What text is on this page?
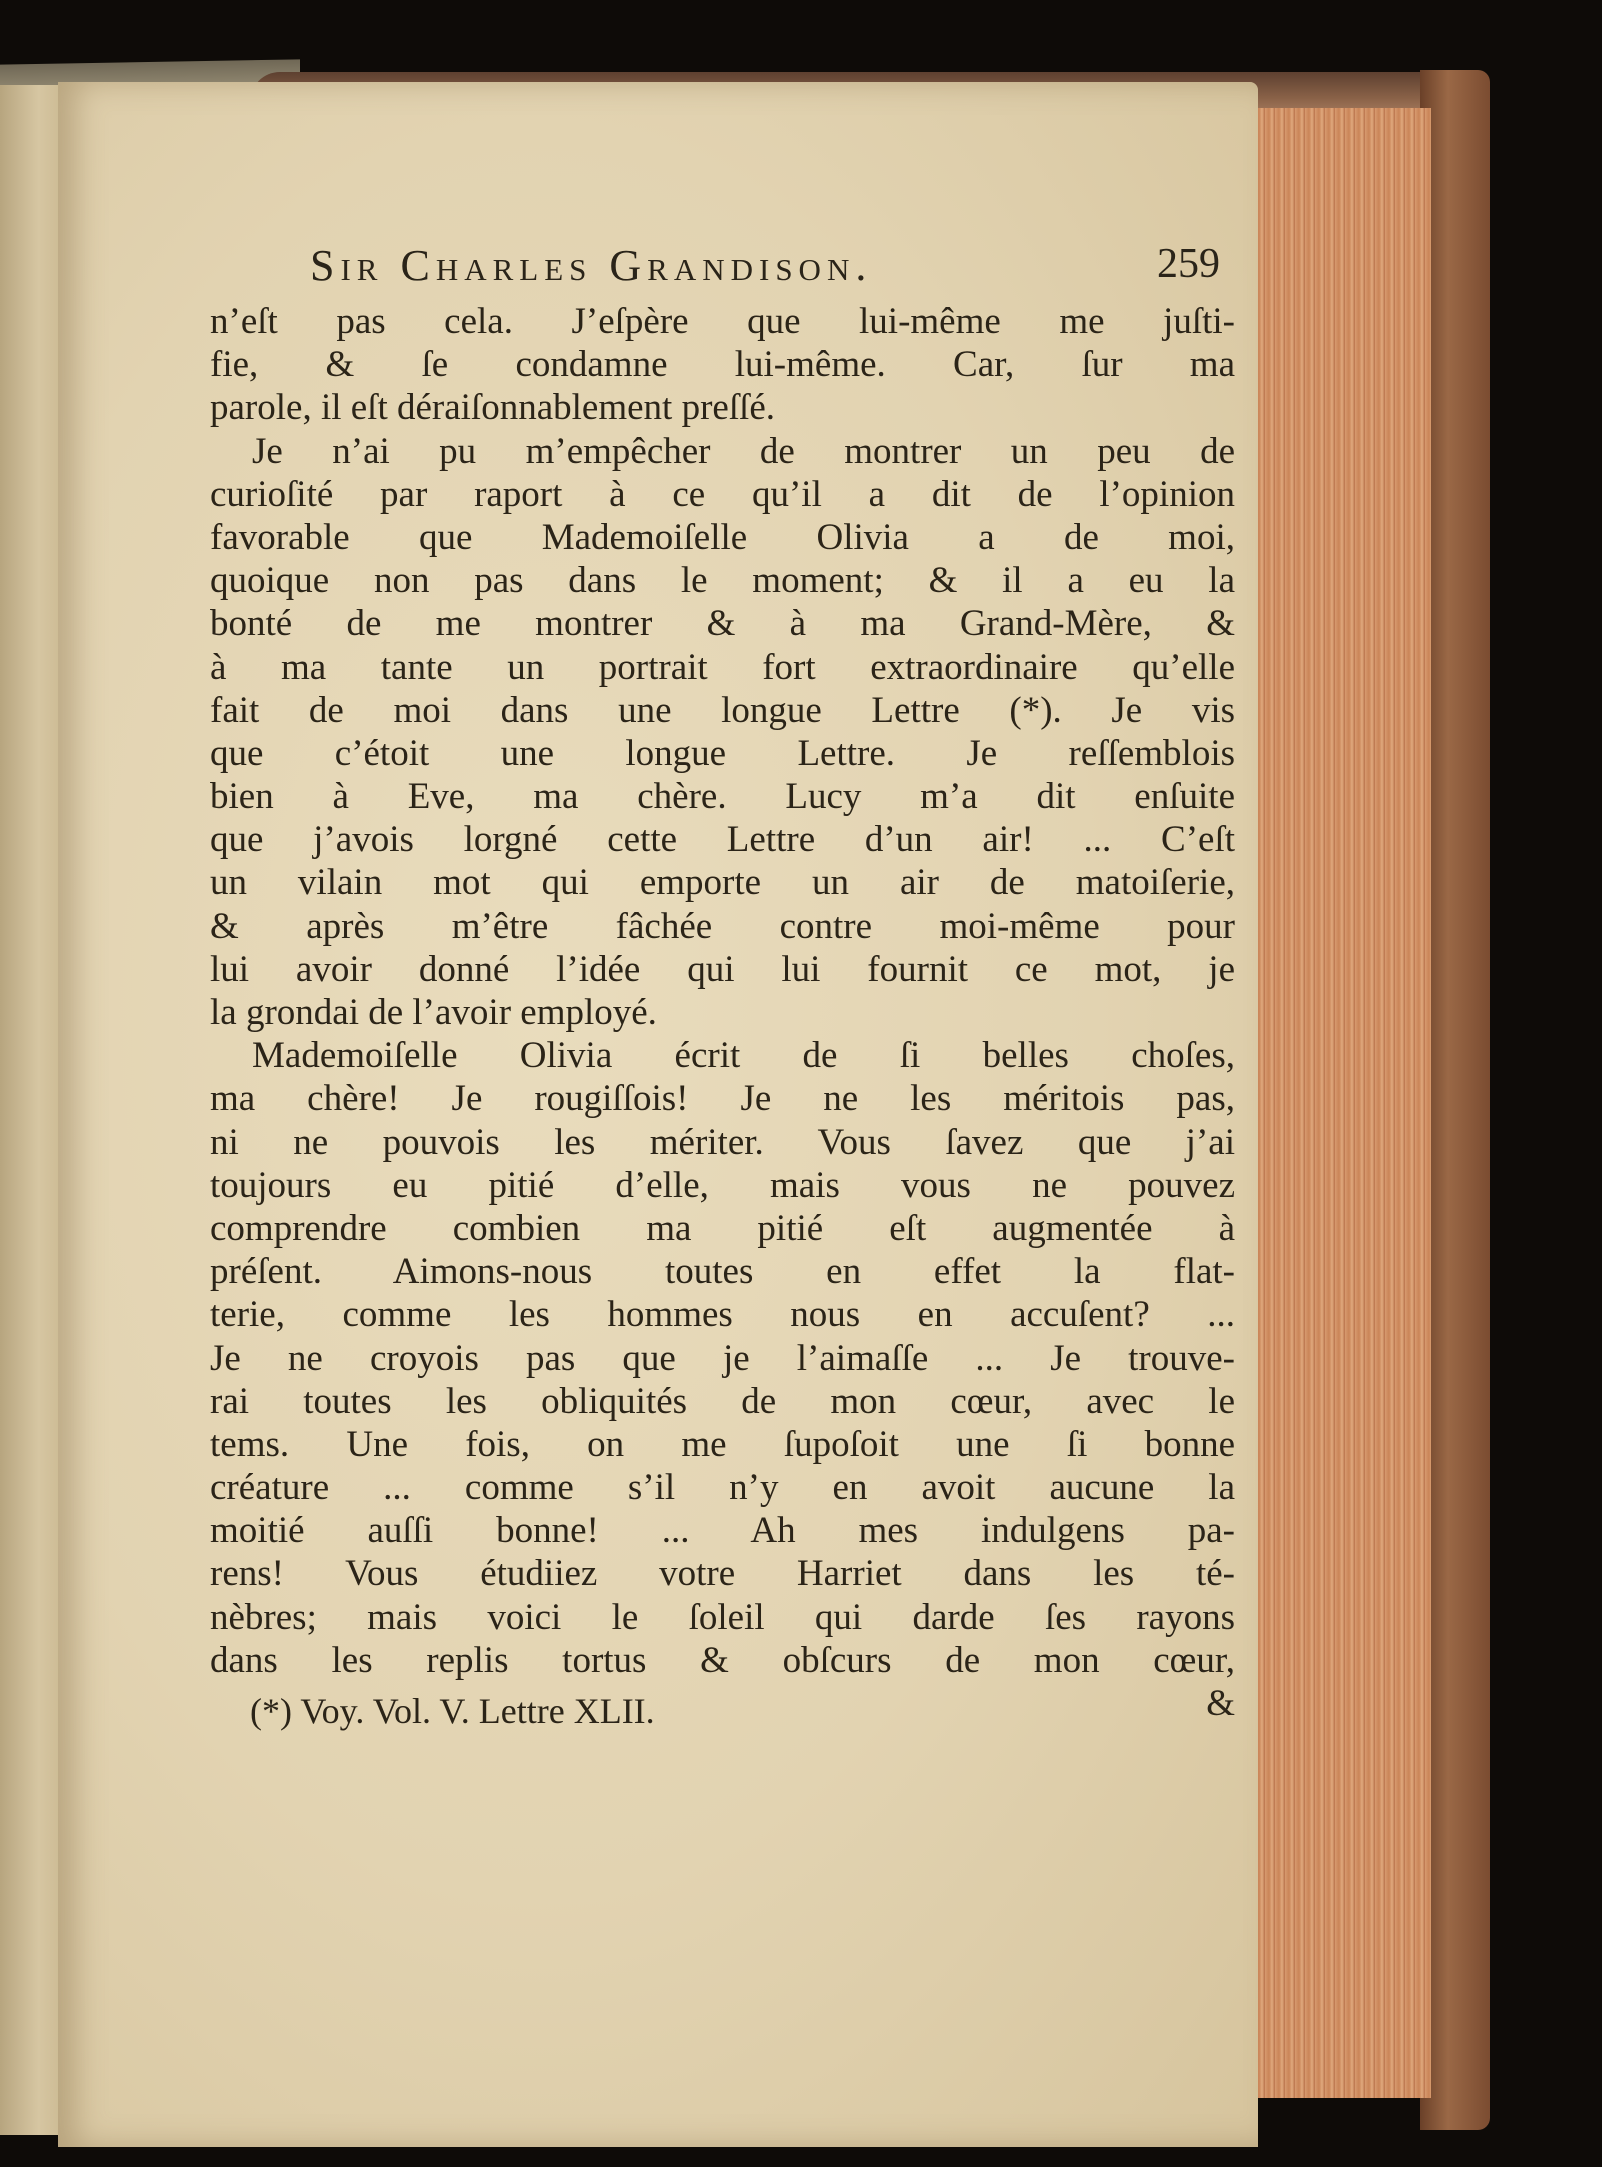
Sir Charles Grandison.	259
n’eſt pas cela. J’eſpère que lui-même me juſti-
fie, & ſe condamne lui-même. Car, ſur ma
parole, il eſt déraiſonnablement preſſé.
Je n’ai pu m’empêcher de montrer un peu de
curioſité par raport à ce qu’il a dit de l’opinion
favorable que Mademoiſelle Olivia a de moi,
quoique non pas dans le moment; & il a eu la
bonté de me montrer & à ma Grand-Mère, &
à ma tante un portrait fort extraordinaire qu’elle
fait de moi dans une longue Lettre (*). Je vis
que c’étoit une longue Lettre. Je reſſemblois
bien à Eve, ma chère. Lucy m’a dit enſuite
que j’avois lorgné cette Lettre d’un air! ... C’eſt
un vilain mot qui emporte un air de matoiſerie,
& après m’être fâchée contre moi-même pour
lui avoir donné l’idée qui lui fournit ce mot, je
la grondai de l’avoir employé.
Mademoiſelle Olivia écrit de ſi belles choſes,
ma chère! Je rougiſſois! Je ne les méritois pas,
ni ne pouvois les mériter. Vous ſavez que j’ai
toujours eu pitié d’elle, mais vous ne pouvez
comprendre combien ma pitié eſt augmentée à
préſent. Aimons-nous toutes en effet la flat-
terie, comme les hommes nous en accuſent? ...
Je ne croyois pas que je l’aimaſſe ... Je trouve-
rai toutes les obliquités de mon cœur, avec le
tems. Une fois, on me ſupoſoit une ſi bonne
créature ... comme s’il n’y en avoit aucune la
moitié auſſi bonne! ... Ah mes indulgens pa-
rens! Vous étudiiez votre Harriet dans les té-
nèbres; mais voici le ſoleil qui darde ſes rayons
dans les replis tortus & obſcurs de mon cœur,
&
(*) Voy. Vol. V. Lettre XLII.
